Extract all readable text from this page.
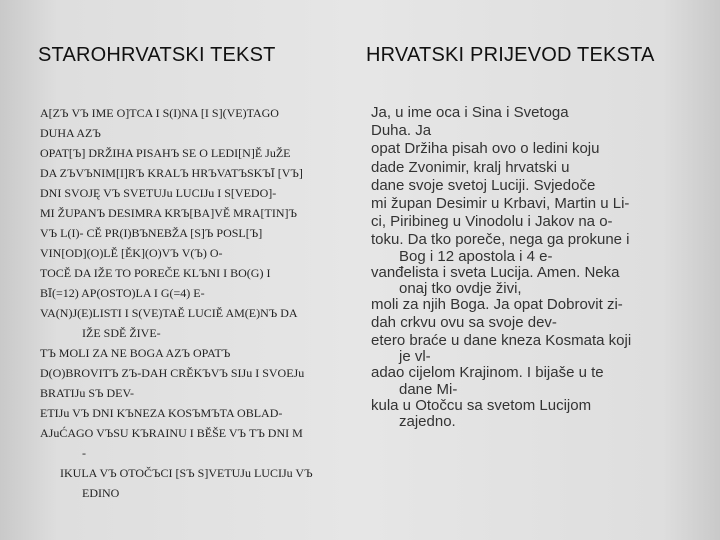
STAROHRVATSKI TEKST
A[ZЪ VЪ IME O]TCA I S(I)NA [I S](VE)TAGO
DUHA AZЪ
OPAT[Ъ] DRŽIHA PISAHЪ SE O LEDI[N]Ě JuŽE
DA ZЪVЪNIM[I]RЪ KRALЪ HRЪVATЪSKЪĪ [VЪ]
DNI SVOJĘ VЪ SVETUJu LUCIJu I S[VEDO]-
MI ŽUPANЪ DESIMRA KRЪ[BA]VĚ MRA[TIN]Ъ
VЪ L(I)- CĚ PR(I)BЪNEBŽA [S]Ъ POSL[Ъ]
VIN[OD](O)LĚ [ĚK](O)VЪ V(Ъ) O-
TOCĚ DA IŽE TO POREČE KLЪNI I BO(G) I
BĪ(=12) AP(OSTO)LA I G(=4) E-
VA(N)J(E)LISTI I S(VE)TAĚ LUCIĚ AM(E)NЪ DA
IŽE SDĚ ŽIVE-
TЪ MOLI ZA NE BOGA AZЪ OPATЪ
D(O)BROVITЪ ZЪ-DAH CRĚKЪVЪ SIJu I SVOEJu
BRATIJu SЪ DEV-
ETIJu VЪ DNI KЪNEZA KOSЪMЪTA OBLAD-
AJuĆAGO VЪSU KЪRAINU I BĚŠE VЪ TЪ DNI M
-
IKULA VЪ OTOČЪCI [SЪ S]VETUJu LUCIJu VЪ
EDINO
HRVATSKI PRIJEVOD TEKSTA
Ja, u ime oca i Sina i Svetoga
Duha. Ja
opat Držiha pisah ovo o ledini koju
dade Zvonimir, kralj hrvatski u
dane svoje svetoj Luciji. Svjedoče
mi župan Desimir u Krbavi, Martin u Li-
ci, Piribineg u Vinodolu i Jakov na o-
toku. Da tko poreče, nega ga prokune i
Bog i 12 apostola i 4 e-
vanđelista i sveta Lucija. Amen. Neka
onaj tko ovdje živi,
moli za njih Boga. Ja opat Dobrovit zi-
dah crkvu ovu sa svoje dev-
etero braće u dane kneza Kosmata koji
je vl-
adao cijelom Krajinom. I bijaše u te
dane Mi-
kula u Otočcu sa svetom Lucijom
zajedno.
